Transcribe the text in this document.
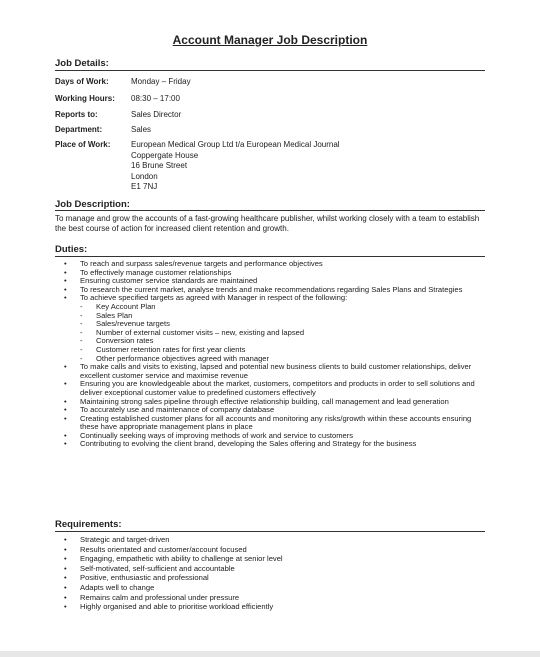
Account Manager Job Description
Job Details:
Days of Work:	Monday – Friday
Working Hours: 08:30 – 17:00
Reports to:	Sales Director
Department:	Sales
Place of Work:	European Medical Group Ltd t/a European Medical Journal
Coppergate House
16 Brune Street
London
E1 7NJ
Job Description:
To manage and grow the accounts of a fast-growing healthcare publisher, whilst working closely with a team to establish the best course of action for increased client retention and growth.
Duties:
• To reach and surpass sales/revenue targets and performance objectives
• To effectively manage customer relationships
• Ensuring customer service standards are maintained
• To research the current market, analyse trends and make recommendations regarding Sales Plans and Strategies
• To achieve specified targets as agreed with Manager in respect of the following:
- Key Account Plan
- Sales Plan
- Sales/revenue targets
- Number of external customer visits – new, existing and lapsed
- Conversion rates
- Customer retention rates for first year clients
- Other performance objectives agreed with manager
• To make calls and visits to existing, lapsed and potential new business clients to build customer relationships, deliver excellent customer service and maximise revenue
• Ensuring you are knowledgeable about the market, customers, competitors and products in order to sell solutions and deliver exceptional customer value to predefined customers effectively
• Maintaining strong sales pipeline through effective relationship building, call management and lead generation
• To accurately use and maintenance of company database
• Creating established customer plans for all accounts and monitoring any risks/growth within these accounts ensuring these have appropriate management plans in place
• Continually seeking ways of improving methods of work and service to customers
• Contributing to evolving the client brand, developing the Sales offering and Strategy for the business
Requirements:
• Strategic and target-driven
• Results orientated and customer/account focused
• Engaging, empathetic with ability to challenge at senior level
• Self-motivated, self-sufficient and accountable
• Positive, enthusiastic and professional
• Adapts well to change
• Remains calm and professional under pressure
• Highly organised and able to prioritise workload efficiently
